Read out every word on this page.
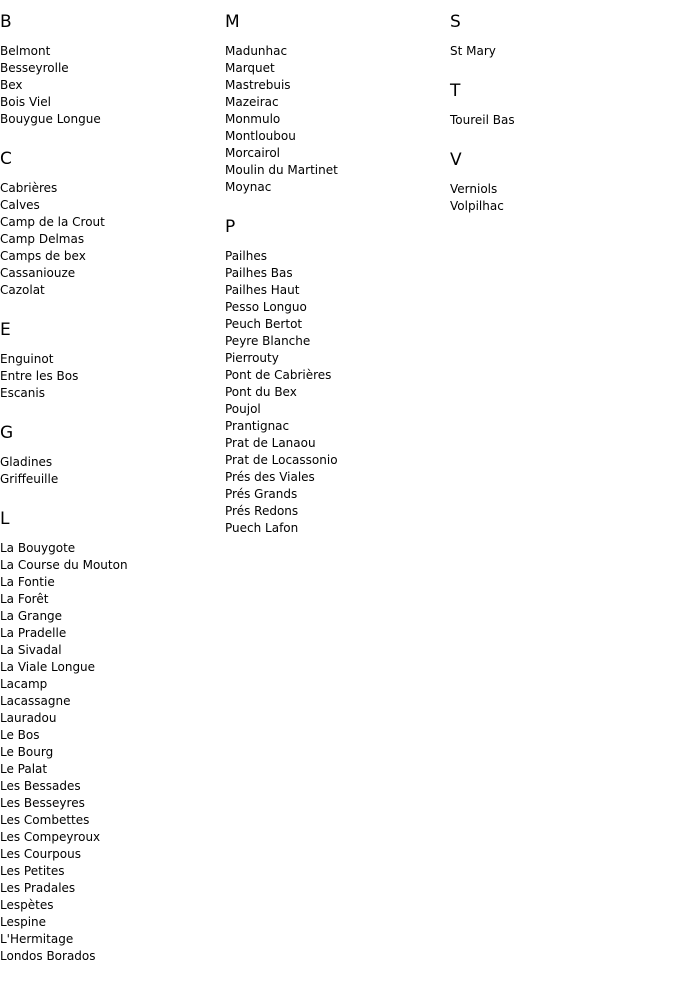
B
Belmont
Besseyrolle
Bex
Bois Viel
Bouygue Longue
C
Cabrières
Calves
Camp de la Crout
Camp Delmas
Camps de bex
Cassaniouze
Cazolat
E
Enguinot
Entre les Bos
Escanis
G
Gladines
Griffeuille
L
La Bouygote
La Course du Mouton
La Fontie
La Forêt
La Grange
La Pradelle
La Sivadal
La Viale Longue
Lacamp
Lacassagne
Lauradou
Le Bos
Le Bourg
Le Palat
Les Bessades
Les Besseyres
Les Combettes
Les Compeyroux
Les Courpous
Les Petites
Les Pradales
Lespètes
Lespine
L'Hermitage
Londos Borados
M
Madunhac
Marquet
Mastrebuis
Mazeirac
Monmulo
Montloubou
Morcairol
Moulin du Martinet
Moynac
P
Pailhes
Pailhes Bas
Pailhes Haut
Pesso Longuo
Peuch Bertot
Peyre Blanche
Pierrouty
Pont de Cabrières
Pont du Bex
Poujol
Prantignac
Prat de Lanaou
Prat de Locassonio
Prés des Viales
Prés Grands
Prés Redons
Puech Lafon
S
St Mary
T
Toureil Bas
V
Verniols
Volpilhac
